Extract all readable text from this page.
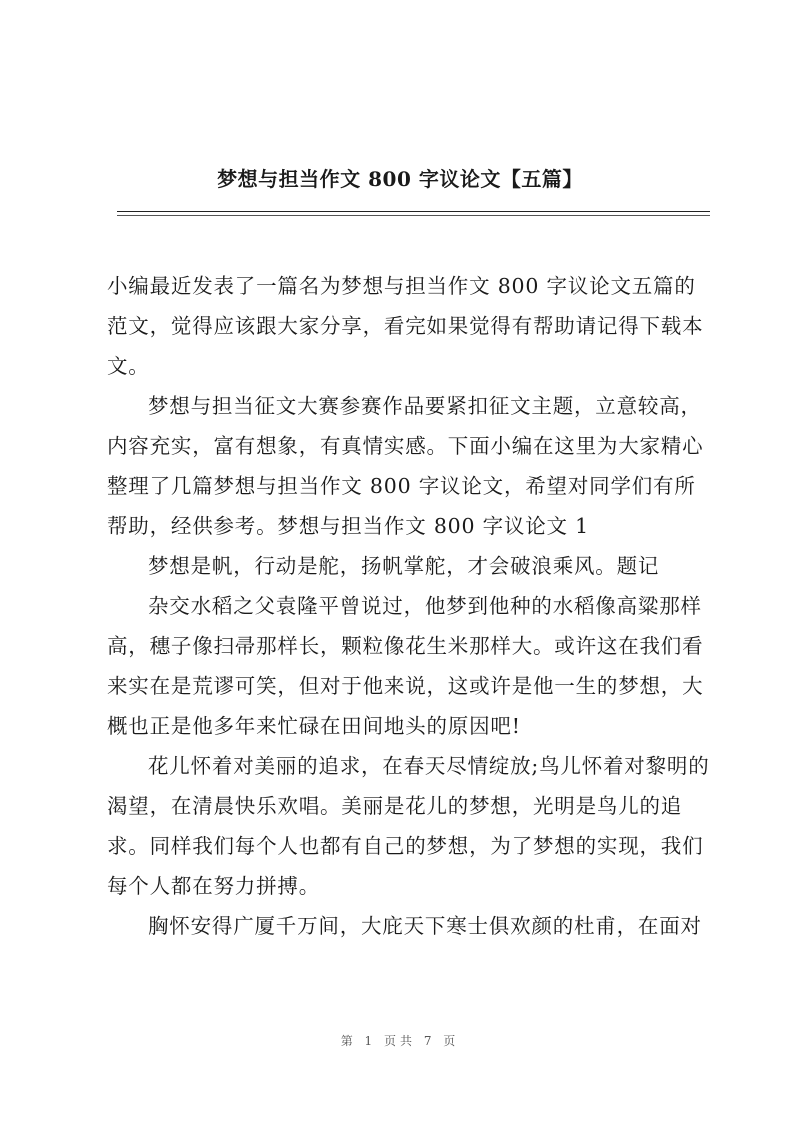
梦想与担当作文 800 字议论文【五篇】

小编最近发表了一篇名为梦想与担当作文 800 字议论文五篇的范文，觉得应该跟大家分享，看完如果觉得有帮助请记得下载本文。

梦想与担当征文大赛参赛作品要紧扣征文主题，立意较高，内容充实，富有想象，有真情实感。下面小编在这里为大家精心整理了几篇梦想与担当作文 800 字议论文，希望对同学们有所帮助，经供参考。梦想与担当作文 800 字议论文 1

梦想是帆，行动是舵，扬帆掌舵，才会破浪乘风。题记

杂交水稻之父袁隆平曾说过，他梦到他种的水稻像高粱那样高，穗子像扫帚那样长，颗粒像花生米那样大。或许这在我们看来实在是荒谬可笑，但对于他来说，这或许是他一生的梦想，大概也正是他多年来忙碌在田间地头的原因吧!

花儿怀着对美丽的追求，在春天尽情绽放;鸟儿怀着对黎明的渴望，在清晨快乐欢唱。美丽是花儿的梦想，光明是鸟儿的追求。同样我们每个人也都有自己的梦想，为了梦想的实现，我们每个人都在努力拼搏。

胸怀安得广厦千万间，大庇天下寒士俱欢颜的杜甫，在面对

第 1 页共 7 页
